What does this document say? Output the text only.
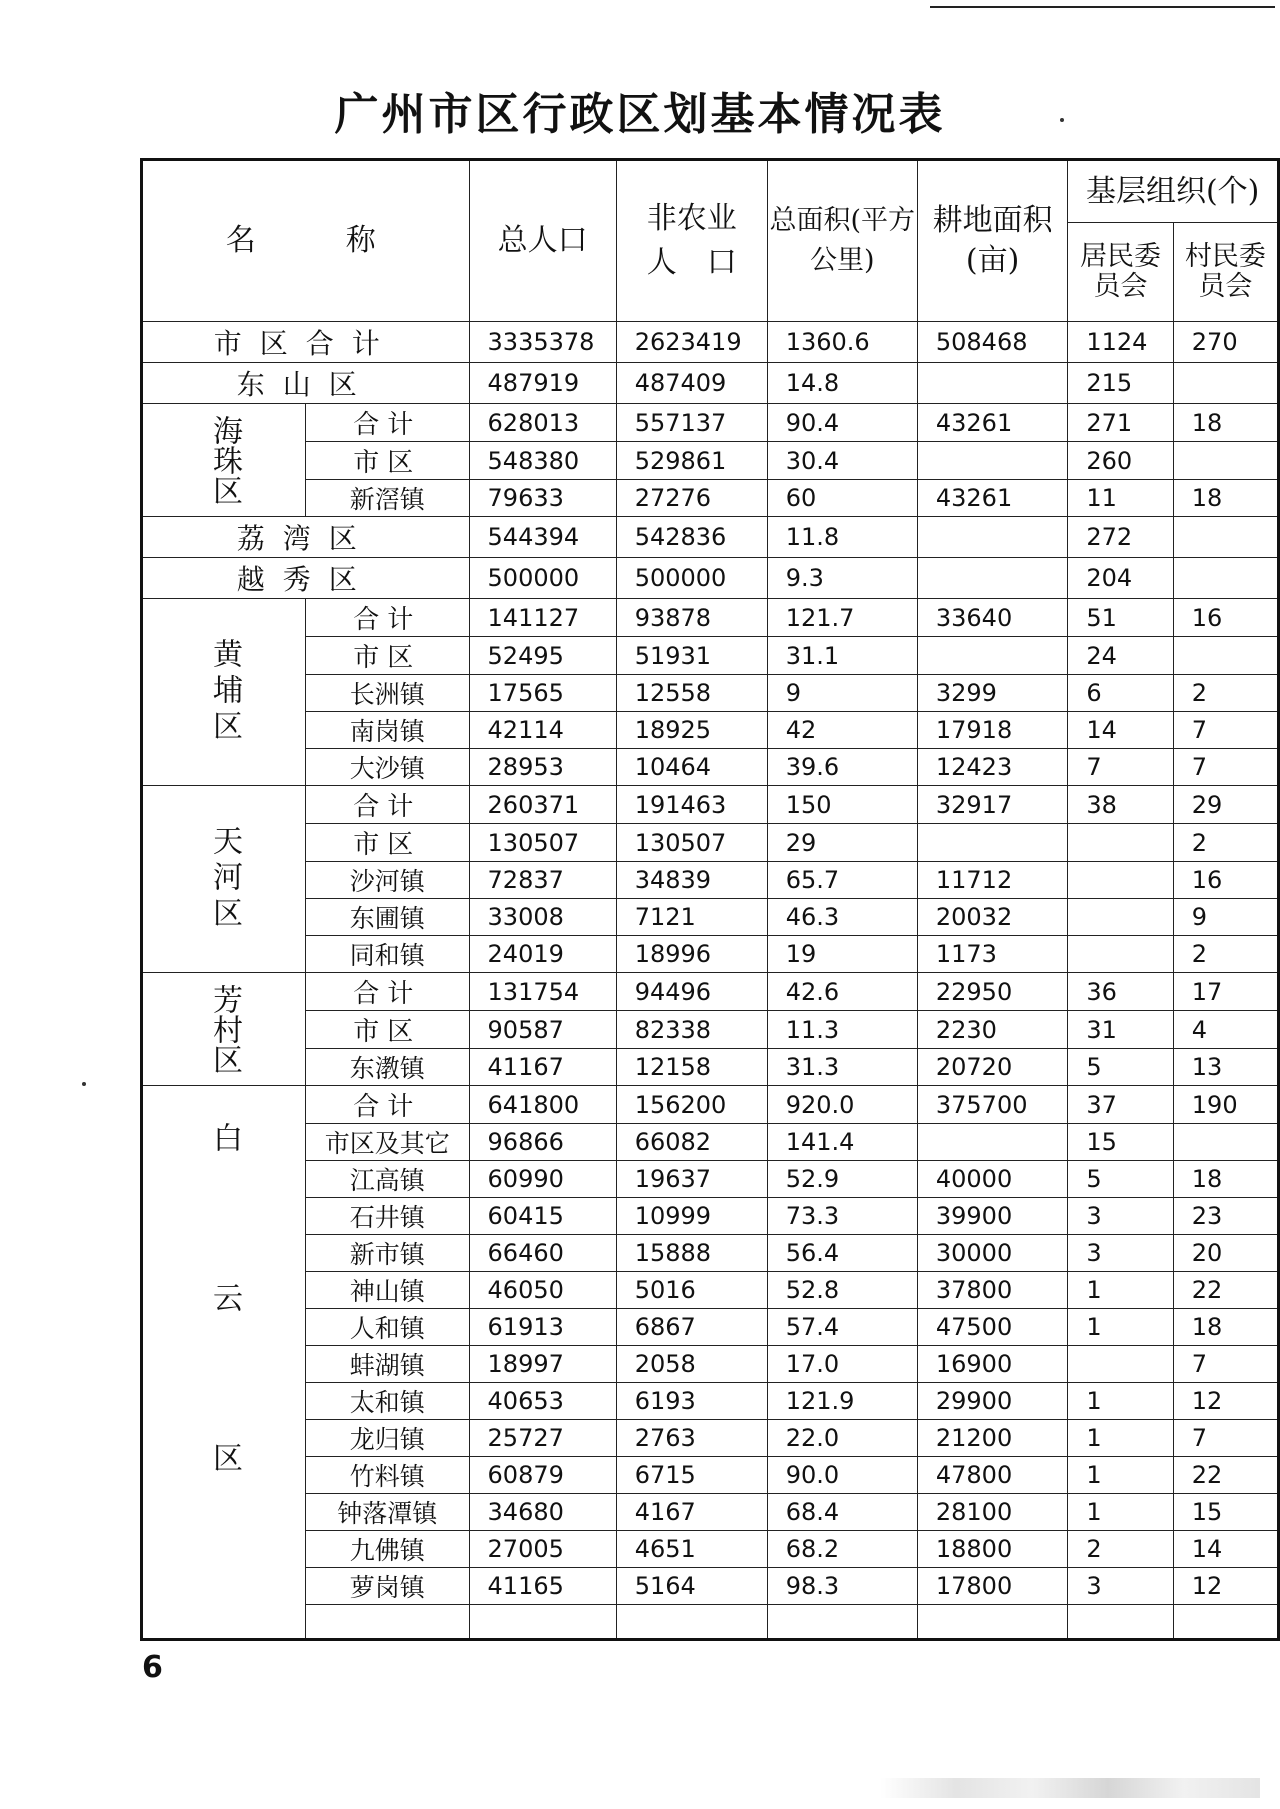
广州市区行政区划基本情况表
名　　称		总人口	非农业人　口	总面积(平方公里)	耕地面积(亩)	基层组织(个)	
						居民委员会	村民委员会
市区合计		3335378	2623419	1360.6	508468	1124	270
东山区		487919	487409	14.8		215	
海珠区	合计	628013	557137	90.4	43261	271	18
	市区	548380	529861	30.4		260	
	新滘镇	79633	27276	60	43261	11	18
荔湾区		544394	542836	11.8		272	
越秀区		500000	500000	9.3		204	
黄埔区	合计	141127	93878	121.7	33640	51	16
	市区	52495	51931	31.1		24	
	长洲镇	17565	12558	9	3299	6	2
	南岗镇	42114	18925	42	17918	14	7
	大沙镇	28953	10464	39.6	12423	7	7
天河区	合计	260371	191463	150	32917	38	29
	市区	130507	130507	29			2
	沙河镇	72837	34839	65.7	11712		16
	东圃镇	33008	7121	46.3	20032		9
	同和镇	24019	18996	19	1173		2
芳村区	合计	131754	94496	42.6	22950	36	17
	市区	90587	82338	11.3	2230	31	4
	东漖镇	41167	12158	31.3	20720	5	13
白云区	合计	641800	156200	920.0	375700	37	190
	市区及其它	96866	66082	141.4		15	
	江高镇	60990	19637	52.9	40000	5	18
	石井镇	60415	10999	73.3	39900	3	23
	新市镇	66460	15888	56.4	30000	3	20
	神山镇	46050	5016	52.8	37800	1	22
	人和镇	61913	6867	57.4	47500	1	18
	蚌湖镇	18997	2058	17.0	16900		7
	太和镇	40653	6193	121.9	29900	1	12
	龙归镇	25727	2763	22.0	21200	1	7
	竹料镇	60879	6715	90.0	47800	1	22
	钟落潭镇	34680	4167	68.4	28100	1	15
	九佛镇	27005	4651	68.2	18800	2	14
	萝岗镇	41165	5164	98.3	17800	3	12

6
